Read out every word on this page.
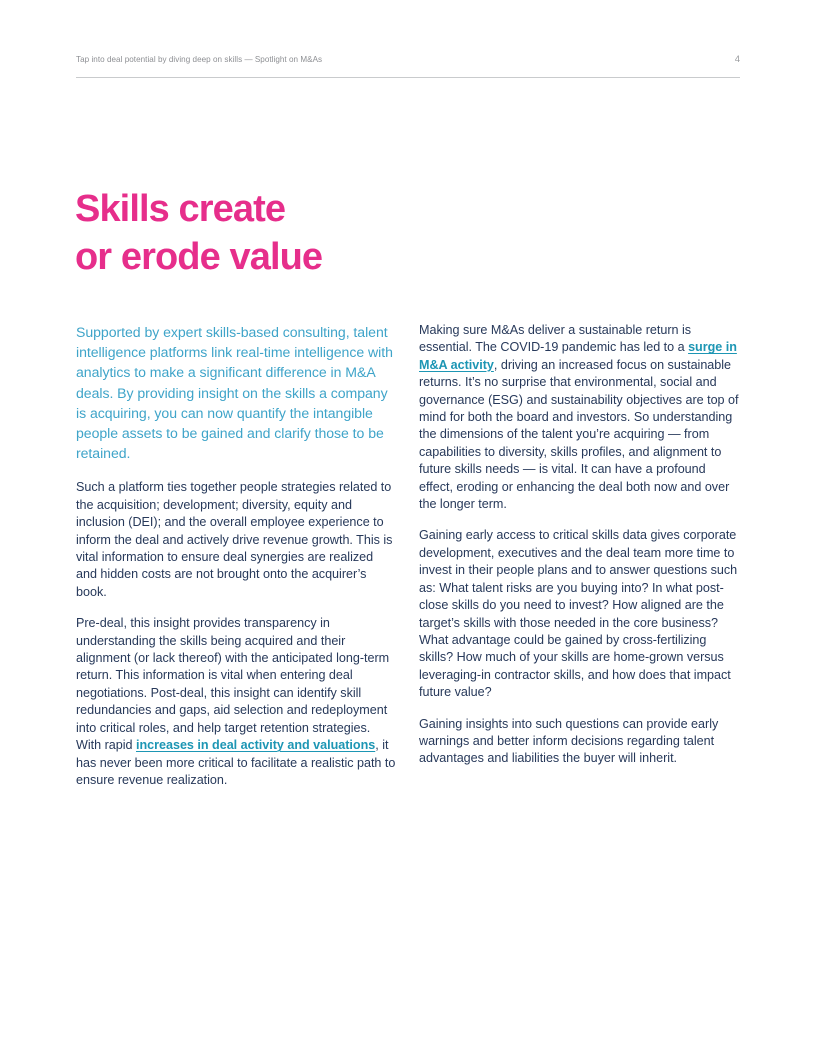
Tap into deal potential by diving deep on skills — Spotlight on M&As	4
Skills create
or erode value

Supported by expert skills-based consulting, talent intelligence platforms link real-time intelligence with analytics to make a significant difference in M&A deals. By providing insight on the skills a company is acquiring, you can now quantify the intangible people assets to be gained and clarify those to be retained.

Such a platform ties together people strategies related to the acquisition; development; diversity, equity and inclusion (DEI); and the overall employee experience to inform the deal and actively drive revenue growth. This is vital information to ensure deal synergies are realized and hidden costs are not brought onto the acquirer’s book.

Pre-deal, this insight provides transparency in understanding the skills being acquired and their alignment (or lack thereof) with the anticipated long-term return. This information is vital when entering deal negotiations. Post-deal, this insight can identify skill redundancies and gaps, aid selection and redeployment into critical roles, and help target retention strategies. With rapid increases in deal activity and valuations, it has never been more critical to facilitate a realistic path to ensure revenue realization.

Making sure M&As deliver a sustainable return is essential. The COVID-19 pandemic has led to a surge in M&A activity, driving an increased focus on sustainable returns. It’s no surprise that environmental, social and governance (ESG) and sustainability objectives are top of mind for both the board and investors. So understanding the dimensions of the talent you’re acquiring — from capabilities to diversity, skills profiles, and alignment to future skills needs — is vital. It can have a profound effect, eroding or enhancing the deal both now and over the longer term.

Gaining early access to critical skills data gives corporate development, executives and the deal team more time to invest in their people plans and to answer questions such as: What talent risks are you buying into? In what post-close skills do you need to invest? How aligned are the target’s skills with those needed in the core business? What advantage could be gained by cross-fertilizing skills? How much of your skills are home-grown versus leveraging-in contractor skills, and how does that impact future value?

Gaining insights into such questions can provide early warnings and better inform decisions regarding talent advantages and liabilities the buyer will inherit.
